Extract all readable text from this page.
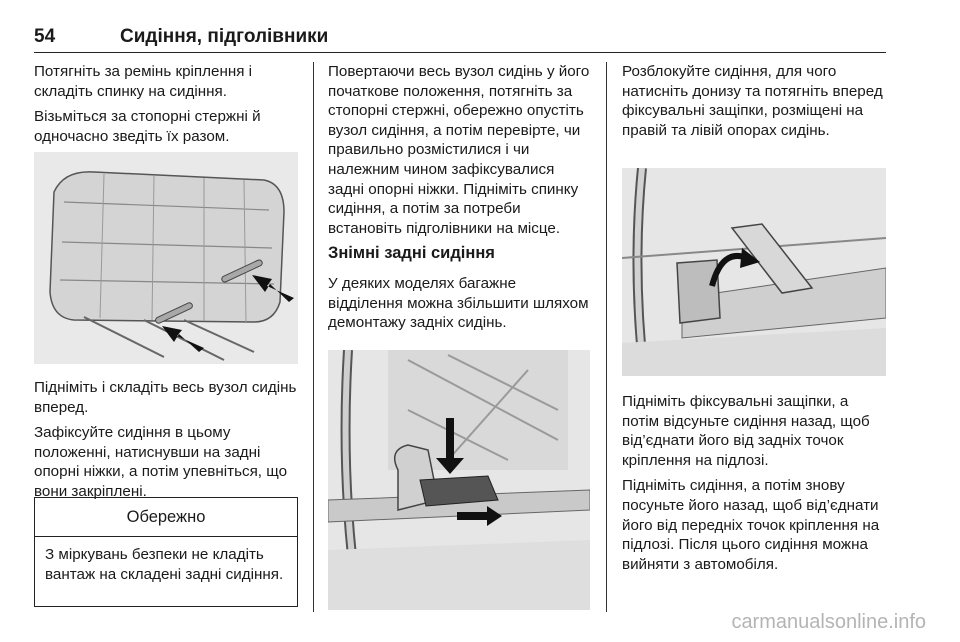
54	Сидіння, підголівники

Потягніть за ремінь кріплення і складіть спинку на сидіння.

Візьміться за стопорні стержні й одночасно зведіть їх разом.

Підніміть і складіть весь вузол сидінь вперед.

Зафіксуйте сидіння в цьому положенні, натиснувши на задні опорні ніжки, а потім упевніться, що вони закріплені.

Обережно
З міркувань безпеки не кладіть вантаж на складені задні сидіння.

Повертаючи весь вузол сидінь у його початкове положення, потягніть за стопорні стержні, обережно опустіть вузол сидіння, а потім перевірте, чи правильно розмістилися і чи належним чином зафіксувалися задні опорні ніжки. Підніміть спинку сидіння, а потім за потреби встановіть підголівники на місце.

Знімні задні сидіння

У деяких моделях багажне відділення можна збільшити шляхом демонтажу задніх сидінь.

Розблокуйте сидіння, для чого натисніть донизу та потягніть вперед фіксувальні защіпки, розміщені на правій та лівій опорах сидінь.

Підніміть фіксувальні защіпки, а потім відсуньте сидіння назад, щоб від’єднати його від задніх точок кріплення на підлозі.

Підніміть сидіння, а потім знову посуньте його назад, щоб від’єднати його від передніх точок кріплення на підлозі. Після цього сидіння можна вийняти з автомобіля.

carmanualsonline.info
